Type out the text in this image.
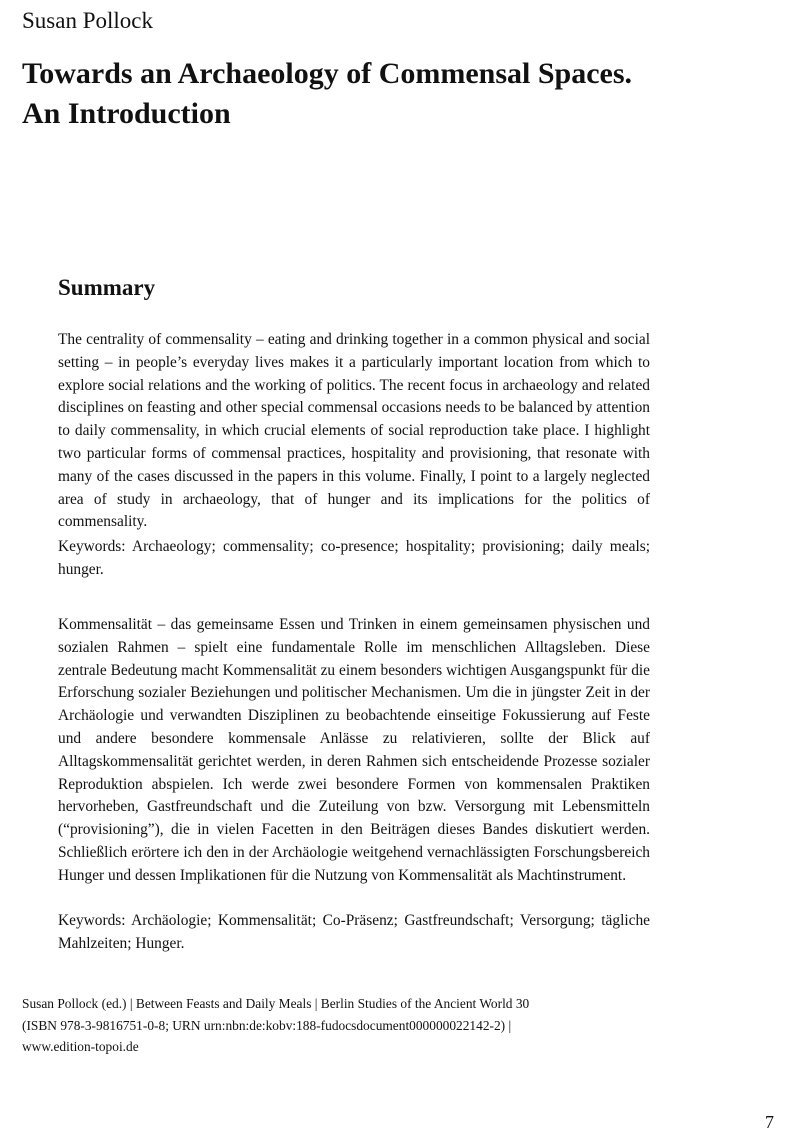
Susan Pollock

Towards an Archaeology of Commensal Spaces.
An Introduction
Summary

The centrality of commensality – eating and drinking together in a common physical and social setting – in people’s everyday lives makes it a particularly important location from which to explore social relations and the working of politics. The recent focus in archaeology and related disciplines on feasting and other special commensal occasions needs to be balanced by attention to daily commensality, in which crucial elements of social reproduction take place. I highlight two particular forms of commensal practices, hospitality and provisioning, that resonate with many of the cases discussed in the papers in this volume. Finally, I point to a largely neglected area of study in archaeology, that of hunger and its implications for the politics of commensality.

Keywords: Archaeology; commensality; co-presence; hospitality; provisioning; daily meals; hunger.

Kommensalität – das gemeinsame Essen und Trinken in einem gemeinsamen physischen und sozialen Rahmen – spielt eine fundamentale Rolle im menschlichen Alltagsleben. Diese zentrale Bedeutung macht Kommensalität zu einem besonders wichtigen Ausgangspunkt für die Erforschung sozialer Beziehungen und politischer Mechanismen. Um die in jüngster Zeit in der Archäologie und verwandten Disziplinen zu beobachtende einseitige Fokussierung auf Feste und andere besondere kommensale Anlässe zu relativieren, sollte der Blick auf Alltagskommensalität gerichtet werden, in deren Rahmen sich entscheidende Prozesse sozialer Reproduktion abspielen. Ich werde zwei besondere Formen von kommensalen Praktiken hervorheben, Gastfreundschaft und die Zuteilung von bzw. Versorgung mit Lebensmitteln (“provisioning”), die in vielen Facetten in den Beiträgen dieses Bandes diskutiert werden. Schließlich erörtere ich den in der Archäologie weitgehend vernachlässigten Forschungsbereich Hunger und dessen Implikationen für die Nutzung von Kommensalität als Machtinstrument.

Keywords: Archäologie; Kommensalität; Co-Präsenz; Gastfreundschaft; Versorgung; tägliche Mahlzeiten; Hunger.

Susan Pollock (ed.) | Between Feasts and Daily Meals | Berlin Studies of the Ancient World 30
(ISBN 978-3-9816751-0-8; URN urn:nbn:de:kobv:188-fudocsdocument000000022142-2) |
www.edition-topoi.de

7
